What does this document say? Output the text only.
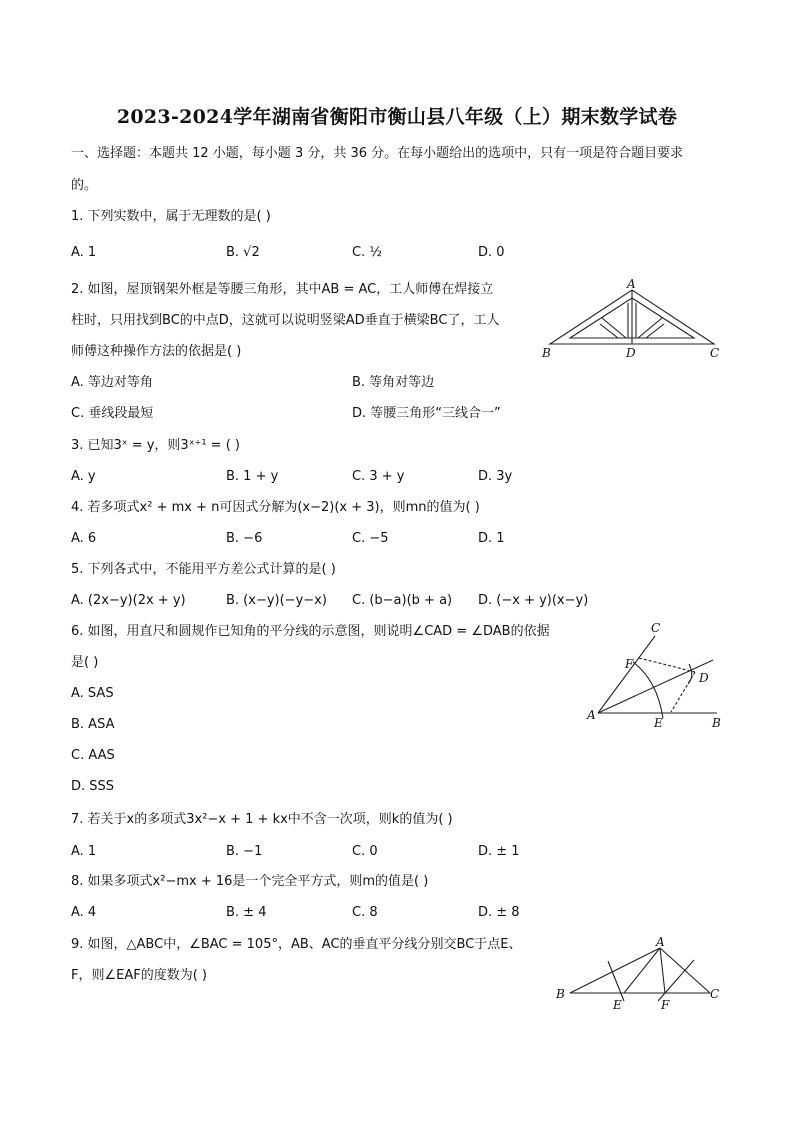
2023-2024学年湖南省衡阳市衡山县八年级（上）期末数学试卷
一、选择题：本题共 12 小题，每小题 3 分，共 36 分。在每小题给出的选项中，只有一项是符合题目要求
的。
1. 下列实数中，属于无理数的是( )
A. 1	B. √2	C. ½	D. 0
2. 如图，屋顶钢架外框是等腰三角形，其中AB = AC，工人师傅在焊接立
柱时，只用找到BC的中点D，这就可以说明竖梁AD垂直于横梁BC了，工人
师傅这种操作方法的依据是( )
A. 等边对等角	B. 等角对等边
C. 垂线段最短	D. 等腰三角形“三线合一”
A
B	D	C
3. 已知3ˣ = y，则3ˣ⁺¹ = ( )
A. y	B. 1 + y	C. 3 + y	D. 3y
4. 若多项式x² + mx + n可因式分解为(x−2)(x + 3)，则mn的值为( )
A. 6	B. −6	C. −5	D. 1
5. 下列各式中，不能用平方差公式计算的是( )
A. (2x−y)(2x + y)	B. (x−y)(−y−x) C. (b−a)(b + a) D. (−x + y)(x−y)
6. 如图，用直尺和圆规作已知角的平分线的示意图，则说明∠CAD = ∠DAB的依据
是( )
A. SAS
B. ASA
C. AAS
D. SSS
C
F
D
A
E	B
7. 若关于x的多项式3x²−x + 1 + kx中不含一次项，则k的值为( )
A. 1	B. −1	C. 0	D. ± 1
8. 如果多项式x²−mx + 16是一个完全平方式，则m的值是( )
A. 4	B. ± 4	C. 8	D. ± 8
9. 如图，△ABC中，∠BAC = 105°，AB、AC的垂直平分线分别交BC于点E、
F，则∠EAF的度数为( )
A
B
E	F
C
